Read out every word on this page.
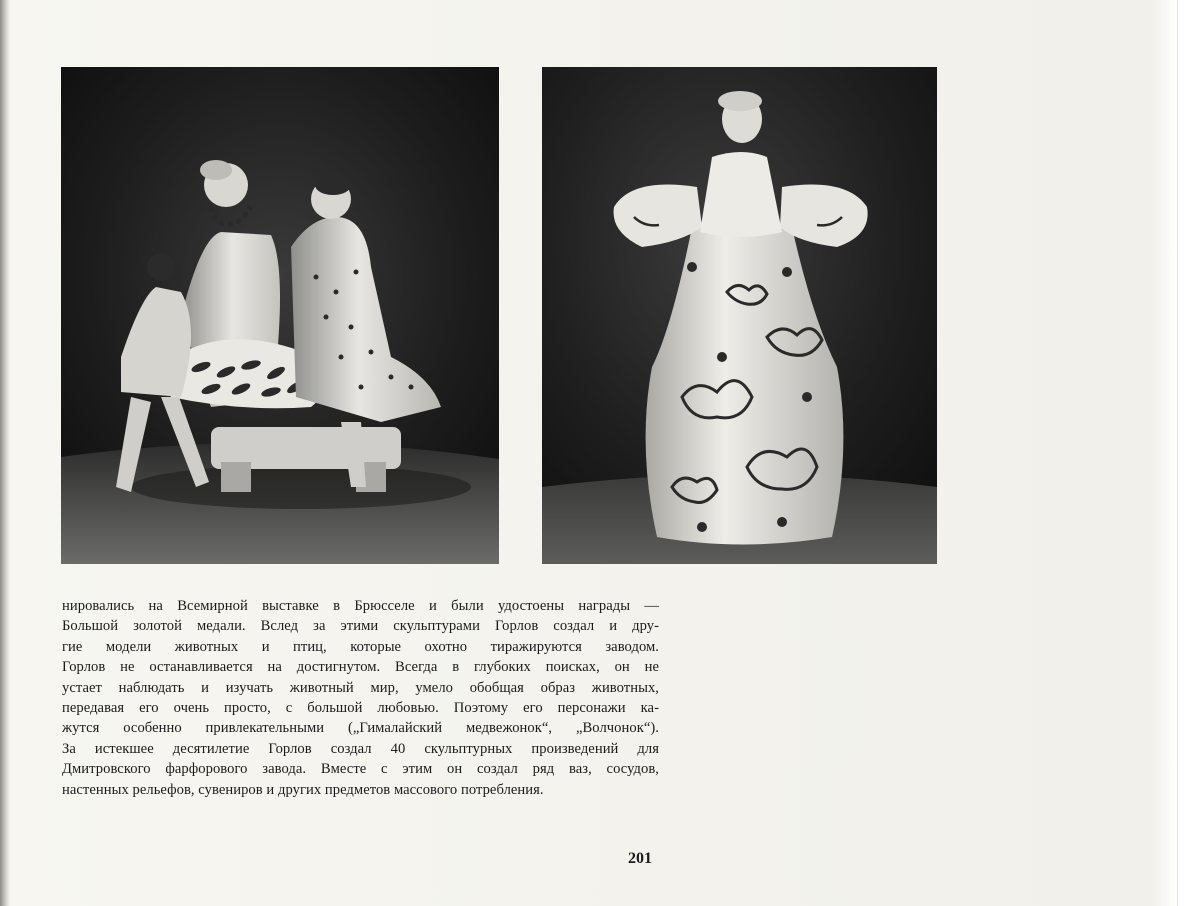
нировались на Всемирной выставке в Брюсселе и были удостоены награды —
Большой золотой медали. Вслед за этими скульптурами Горлов создал и дру-
гие модели животных и птиц, которые охотно тиражируются заводом.
Горлов не останавливается на достигнутом. Всегда в глубоких поисках, он не
устает наблюдать и изучать животный мир, умело обобщая образ животных,
передавая его очень просто, с большой любовью. Поэтому его персонажи ка-
жутся особенно привлекательными („Гималайский медвежонок“, „Волчонок“).
За истекшее десятилетие Горлов создал 40 скульптурных произведений для
Дмитровского фарфорового завода. Вместе с этим он создал ряд ваз, сосудов,
настенных рельефов, сувениров и других предметов массового потребления.
201
